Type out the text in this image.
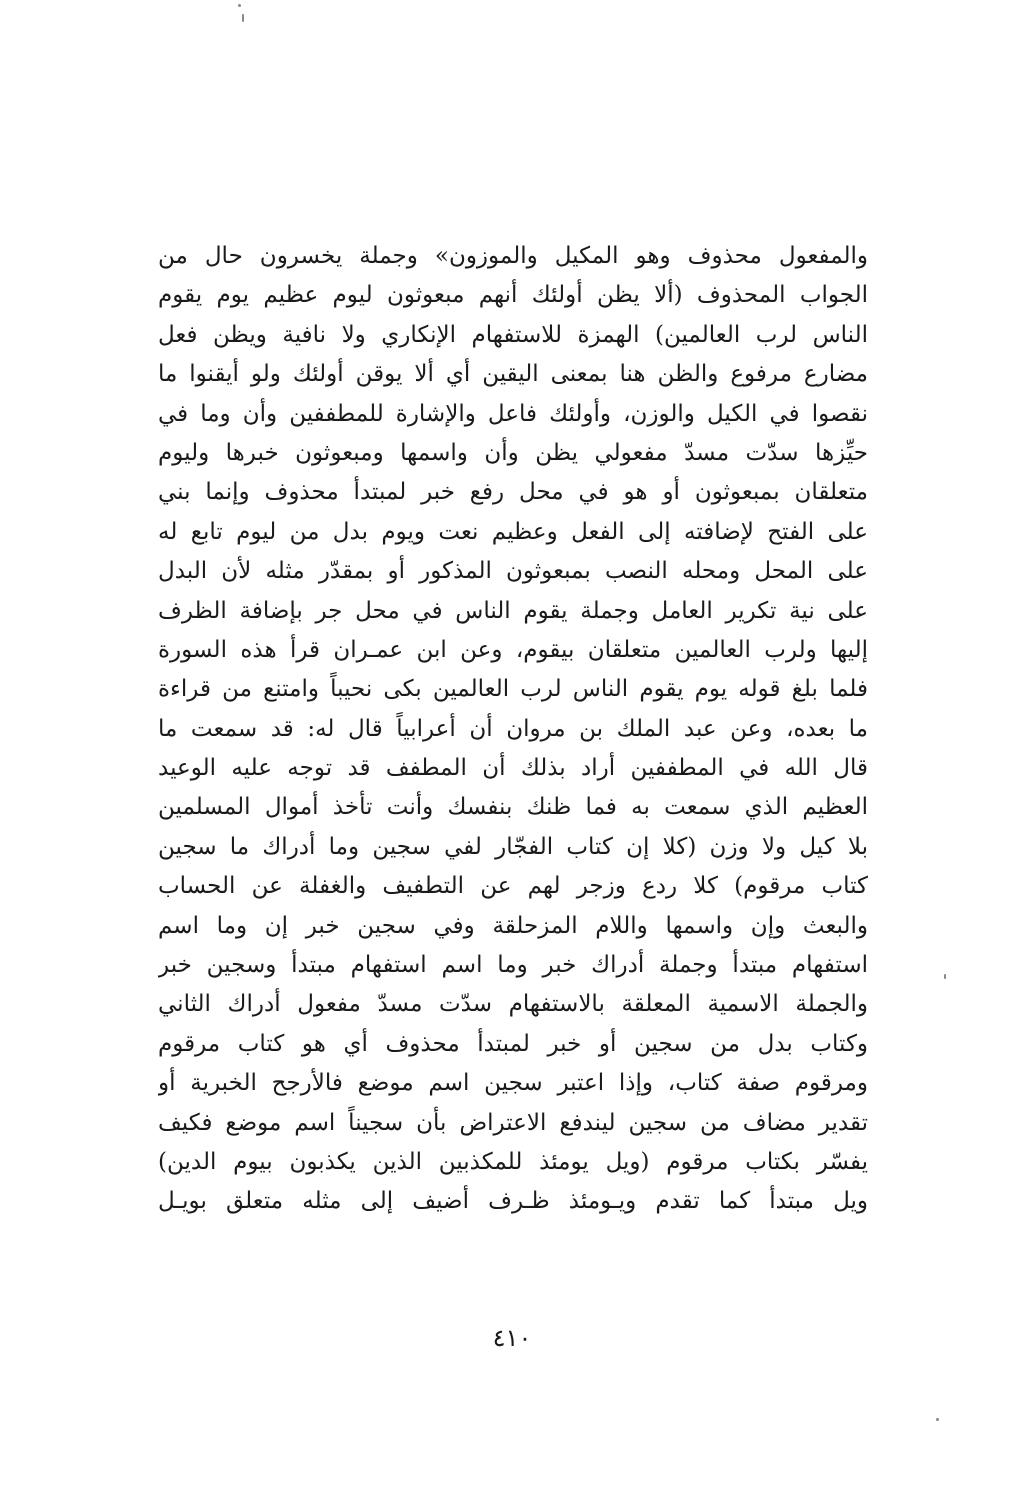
والمفعول محذوف وهو المكيل والموزون» وجملة يخسرون حال من
الجواب المحذوف (ألا يظن أولئك أنهم مبعوثون ليوم عظيم يوم يقوم
الناس لرب العالمين) الهمزة للاستفهام الإنكاري ولا نافية ويظن فعل
مضارع مرفوع والظن هنا بمعنى اليقين أي ألا يوقن أولئك ولو أيقنوا ما
نقصوا في الكيل والوزن، وأولئك فاعل والإشارة للمطففين وأن وما في
حيِّزها سدّت مسدّ مفعولي يظن وأن واسمها ومبعوثون خبرها وليوم
متعلقان بمبعوثون أو هو في محل رفع خبر لمبتدأ محذوف وإنما بني
على الفتح لإضافته إلى الفعل وعظيم نعت ويوم بدل من ليوم تابع له
على المحل ومحله النصب بمبعوثون المذكور أو بمقدّر مثله لأن البدل
على نية تكرير العامل وجملة يقوم الناس في محل جر بإضافة الظرف
إليها ولرب العالمين متعلقان بيقوم، وعن ابن عمـران قرأ هذه السورة
فلما بلغ قوله يوم يقوم الناس لرب العالمين بكى نحيباً وامتنع من قراءة
ما بعده، وعن عبد الملك بن مروان أن أعرابياً قال له: قد سمعت ما
قال الله في المطففين أراد بذلك أن المطفف قد توجه عليه الوعيد
العظيم الذي سمعت به فما ظنك بنفسك وأنت تأخذ أموال المسلمين
بلا كيل ولا وزن (كلا إن كتاب الفجّار لفي سجين وما أدراك ما سجين
كتاب مرقوم) كلا ردع وزجر لهم عن التطفيف والغفلة عن الحساب
والبعث وإن واسمها واللام المزحلقة وفي سجين خبر إن وما اسم
استفهام مبتدأ وجملة أدراك خبر وما اسم استفهام مبتدأ وسجين خبر
والجملة الاسمية المعلقة بالاستفهام سدّت مسدّ مفعول أدراك الثاني
وكتاب بدل من سجين أو خبر لمبتدأ محذوف أي هو كتاب مرقوم
ومرقوم صفة كتاب، وإذا اعتبر سجين اسم موضع فالأرجح الخبرية أو
تقدير مضاف من سجين ليندفع الاعتراض بأن سجيناً اسم موضع فكيف
يفسّر بكتاب مرقوم (ويل يومئذ للمكذبين الذين يكذبون بيوم الدين)
ويل مبتدأ كما تقدم ويـومئذ ظـرف أضيف إلى مثله متعلق بويـل
٤١٠
